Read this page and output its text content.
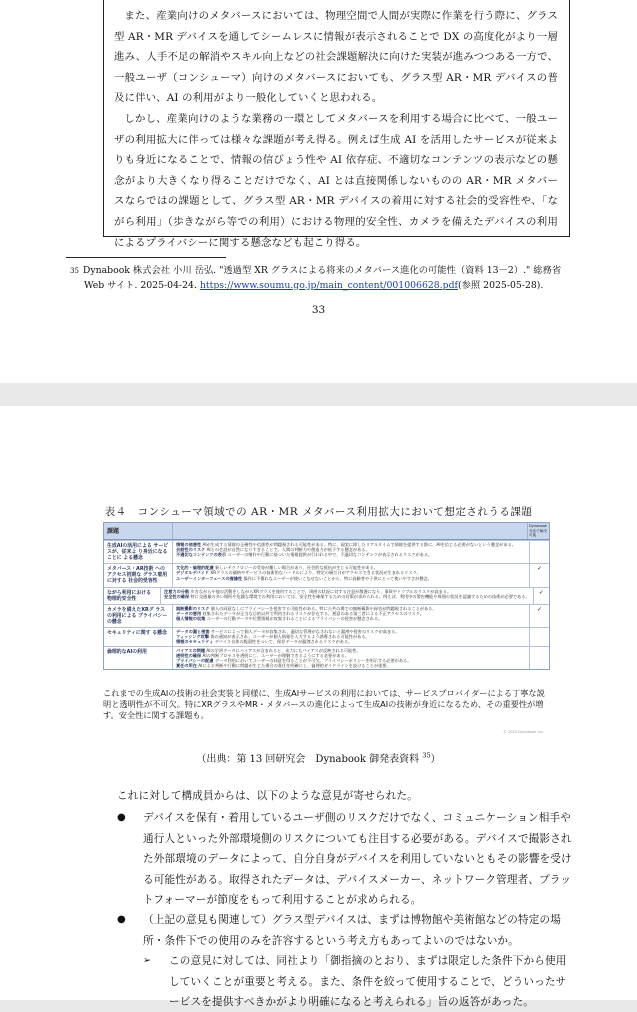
また、産業向けのメタバースにおいては、物理空間で人間が実際に作業を行う際に、グラス型 AR・MR デバイスを通してシームレスに情報が表示されることで DX の高度化がより一層進み、人手不足の解消やスキル向上などの社会課題解決に向けた実装が進みつつある一方で、一般ユーザ（コンシューマ）向けのメタバースにおいても、グラス型 AR・MR デバイスの普及に伴い、AI の利用がより一般化していくと思われる。

しかし、産業向けのような業務の一環としてメタバースを利用する場合に比べて、一般ユーザの利用拡大に伴っては様々な課題が考え得る。例えば生成 AI を活用したサービスが従来よりも身近になることで、情報の信びょう性や AI 依存症、不適切なコンテンツの表示などの懸念がより大きくなり得ることだけでなく、AI とは直接関係しないものの AR・MR メタバースならではの課題として、グラス型 AR・MR デバイスの着用に対する社会的受容性や、「ながら利用」（歩きながら等での利用）における物理的安全性、カメラを備えたデバイスの利用によるプライバシーに関する懸念なども起こり得る。

$^{35}$ Dynabook 株式会社 小川 岳弘. "透過型 XR グラスによる将来のメタバース進化の可能性（資料 13－2）." 総務省 Web サイト. 2025-04-24. https://www.soumu.go.jp/main_content/001006628.pdf(参照 2025-05-28).
33
表４　コンシューマ領域での AR・MR メタバース利用拡大において想定されうる課題
課題
Dynabook 対応で解決可能
生成AIの活用による サービスが、従来よ り身近になることに よる懸念
情報の信憑性 AIが生成する情報の正確性や信憑性が問題視される可能性がある。特に、現実に即したリアルタイムで情報を提供する際に、AIを信じる必要がないという懸念がある。
会話性のリスク AIとの会話が自然になりすぎることで、人間の判断力や創造力が低下する懸念がある。
不適切なコンテンツの表示 ユーザーの嗜好や行動に基づいた情報提供が行われる中で、不適切なコンテンツが表示されるリスクがある。
メタバース・AR技術 へのアクセス初期な グラス着用に対する 社会的受容性
文化的・倫理的配慮 新しいテクノロジーの受容が難しい場合があり、社会的な抵抗が生じる可能性がある。
デジタルデバイド XRグラスの価格やサービスの技術的なハードルにより、特定の層だけがアクセスできる状況が生まれるリスク。
ユーザーインターフェースの複雑性 操作に不慣れなユーザーが使いこなせないことから、特に高齢者や子供にとって使いやすさが懸念。
✓
ながら利用における 物理的安全性
注意力の分散 歩きながらや他の活動をしながらXRグラスを使用することで、周囲の状況に対する注意が散漫になり、事故やトラブルのリスクが高まる。
安全性の確保 特に交通量の多い場所や危険な環境での利用においては、安全性を確保するための対策が求められる。例えば、利用中の警告機能や周囲の状況を認識するための技術が必要である。
✓
カメラを備えたXRグ ラスの利用による プライバシーの懸念
無断撮影のリスク 個人の同意なしにプライバシーを侵害する可能性がある。特に公共の場での無断撮影や録音が問題視されることがある。
データの悪用 収集されたデータが正当な目的以外で利用されるリスクが存在する。悪意のある第三者による不正アクセスのリスク。
個人情報の収集 ユーザーの行動データや位置情報が収集されることによるプライバシーの侵害が懸念される。
✓
セキュリティに関す る懸念	データの漏と侵害 サービスによって個人データが収集され、適切な管理がなされないと漏洩や侵害のリスクが高まる。
フィッシング攻撃 偽の通知が表示され、ユーザーが個人情報を入力するよう誘導される可能性がある。
情報のセキュリティ デバイス自体の脆弱性をついて、保存データが漏洩されるリスクがある。
倫理的なAIの利用	バイアスの問題 AIの学習データにバイアスが含まれると、出力にもバイアスが反映される可能性。
透明性の確保 AIの判断プロセスを透明にし、ユーザーが理解できるようにする必要がある。
プライバシーの配慮 データ利用においてユーザーの同意を得ることが不可欠。プライバシーポリシーを明示する必要がある。
責任の所在 AIによる判断や行動に問題が生じた場合の責任を明確にし、倫理的ガイドラインを設けることが重要。
これまでの生成AIの技術の社会実装と同様に、生成AIサービスの利用においては、サービスプロバイダーによる丁寧な説明と透明性が不可欠。特にXRグラスやMR・メタバースの進化によって生成AIの技術が身近になるため、その重要性が増す。安全性に関する課題も。
© 2025 Dynabook Inc.
（出典：第 13 回研究会　Dynabook 御発表資料 $^{35}$）

これに対して構成員からは、以下のような意見が寄せられた。

● デバイスを保有・着用しているユーザ側のリスクだけでなく、コミュニケーション相手や通行人といった外部環境側のリスクについても注目する必要がある。デバイスで撮影された外部環境のデータによって、自分自身がデバイスを利用していないともその影響を受ける可能性がある。取得されたデータは、デバイスメーカー、ネットワーク管理者、プラットフォーマーが節度をもって利用することが求められる。

● （上記の意見も関連して）グラス型デバイスは、まずは博物館や美術館などの特定の場所・条件下での使用のみを許容するという考え方もあってよいのではないか。

➢ この意見に対しては、同社より「御指摘のとおり、まずは限定した条件下から使用していくことが重要と考える。また、条件を絞って使用することで、どういったサービスを提供すべきかがより明確になると考えられる」旨の返答があった。
